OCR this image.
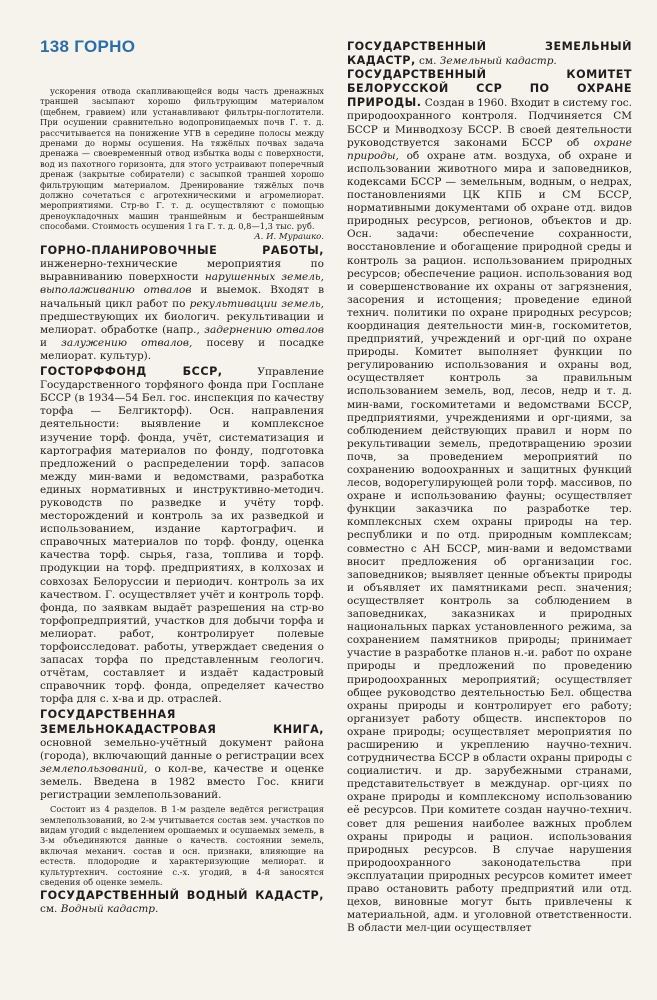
138 ГОРНО

ускорения отвода скапливающейся воды часть дренажных траншей засыпают хорошо фильтрующим материалом (щебнем, гравием) или устанавливают фильтры-поглотители. При осушении сравнительно водопроницаемых почв Г. т. д. рассчитывается на понижение УГВ в середине полосы между дренами до нормы осушения. На тяжёлых почвах задача дренажа — своевременный отвод избытка воды с поверхности, вод из пахотного горизонта, для этого устраивают поперечный дренаж (закрытые собиратели) с засыпкой траншей хорошо фильтрующим материалом. Дренирование тяжёлых почв должно сочетаться с агротехническими и агромелиорат. мероприятиями. Стр-во Г. т. д. осуществляют с помощью дреноукладочных машин траншейным и бестраншейным способами. Стоимость осушения 1 га Г. т. д. 0,8—1,3 тыс. руб.

А. И. Мурашко.

ГОРНО-ПЛАНИРОВОЧНЫЕ РАБОТЫ, инженерно-технические мероприятия по выравниванию поверхности нарушенных земель, выполаживанию отвалов и выемок. Входят в начальный цикл работ по рекультивации земель, предшествующих их биологич. рекультивации и мелиорат. обработке (напр., задернению отвалов и залужению отвалов, посеву и посадке мелиорат. культур).

ГОСТОРФФОНД БССР, Управление Государственного торфяного фонда при Госплане БССР (в 1934—54 Бел. гос. инспекция по качеству торфа — Белгикторф). Осн. направления деятельности: выявление и комплексное изучение торф. фонда, учёт, систематизация и картография материалов по фонду, подготовка предложений о распределении торф. запасов между мин-вами и ведомствами, разработка единых нормативных и инструктивно-методич. руководств по разведке и учёту торф. месторождений и контроль за их разведкой и использованием, издание картографич. и справочных материалов по торф. фонду, оценка качества торф. сырья, газа, топлива и торф. продукции на торф. предприятиях, в колхозах и совхозах Белоруссии и периодич. контроль за их качеством. Г. осуществляет учёт и контроль торф. фонда, по заявкам выдаёт разрешения на стр-во торфопредприятий, участков для добычи торфа и мелиорат. работ, контролирует полевые торфоисследоват. работы, утверждает сведения о запасах торфа по представленным геологич. отчётам, составляет и издаёт кадастровый справочник торф. фонда, определяет качество торфа для с. х-ва и др. отраслей.

ГОСУДАРСТВЕННАЯ ЗЕМЕЛЬНОКАДАСТРОВАЯ КНИГА, основной земельно-учётный документ района (города), включающий данные о регистрации всех землепользований, о кол-ве, качестве и оценке земель. Введена в 1982 вместо Гос. книги регистрации землепользований.

Состоит из 4 разделов. В 1-м разделе ведётся регистрация землепользований, во 2-м учитывается состав зем. участков по видам угодий с выделением орошаемых и осушаемых земель, в 3-м объединяются данные о качеств. состоянии земель, включая механич. состав и осн. признаки, влияющие на естеств. плодородие и характеризующие мелиорат. и культуртехнич. состояние с.-х. угодий, в 4-й заносятся сведения об оценке земель.

ГОСУДАРСТВЕННЫЙ ВОДНЫЙ КАДАСТР, см. Водный кадастр.

ГОСУДАРСТВЕННЫЙ ЗЕМЕЛЬНЫЙ КАДАСТР, см. Земельный кадастр.

ГОСУДАРСТВЕННЫЙ КОМИТЕТ БЕЛОРУССКОЙ ССР ПО ОХРАНЕ ПРИРОДЫ. Создан в 1960. Входит в систему гос. природоохранного контроля. Подчиняется СМ БССР и Минводхозу БССР. В своей деятельности руководствуется законами БССР об охране природы, об охране атм. воздуха, об охране и использовании животного мира и заповедников, кодексами БССР — земельным, водным, о недрах, постановлениями ЦК КПБ и СМ БССР, нормативными документами об охране отд. видов природных ресурсов, регионов, объектов и др. Осн. задачи: обеспечение сохранности, восстановление и обогащение природной среды и контроль за рацион. использованием природных ресурсов; обеспечение рацион. использования вод и совершенствование их охраны от загрязнения, засорения и истощения; проведение единой технич. политики по охране природных ресурсов; координация деятельности мин-в, госкомитетов, предприятий, учреждений и орг-ций по охране природы. Комитет выполняет функции по регулированию использования и охраны вод, осуществляет контроль за правильным использованием земель, вод, лесов, недр и т. д. мин-вами, госкомитетами и ведомствами БССР, предприятиями, учреждениями и орг-циями, за соблюдением действующих правил и норм по рекультивации земель, предотвращению эрозии почв, за проведением мероприятий по сохранению водоохранных и защитных функций лесов, водорегулирующей роли торф. массивов, по охране и использованию фауны; осуществляет функции заказчика по разработке тер. комплексных схем охраны природы на тер. республики и по отд. природным комплексам; совместно с АН БССР, мин-вами и ведомствами вносит предложения об организации гос. заповедников; выявляет ценные объекты природы и объявляет их памятниками респ. значения; осуществляет контроль за соблюдением в заповедниках, заказниках и природных национальных парках установленного режима, за сохранением памятников природы; принимает участие в разработке планов н.-и. работ по охране природы и предложений по проведению природоохранных мероприятий; осуществляет общее руководство деятельностью Бел. общества охраны природы и контролирует его работу; организует работу обществ. инспекторов по охране природы; осуществляет мероприятия по расширению и укреплению научно-технич. сотрудничества БССР в области охраны природы с социалистич. и др. зарубежными странами, представительствует в междунар. орг-циях по охране природы и комплексному использованию её ресурсов. При комитете создан научно-технич. совет для решения наиболее важных проблем охраны природы и рацион. использования природных ресурсов. В случае нарушения природоохранного законодательства при эксплуатации природных ресурсов комитет имеет право остановить работу предприятий или отд. цехов, виновные могут быть привлечены к материальной, адм. и уголовной ответственности. В области мел-ции осуществляет
